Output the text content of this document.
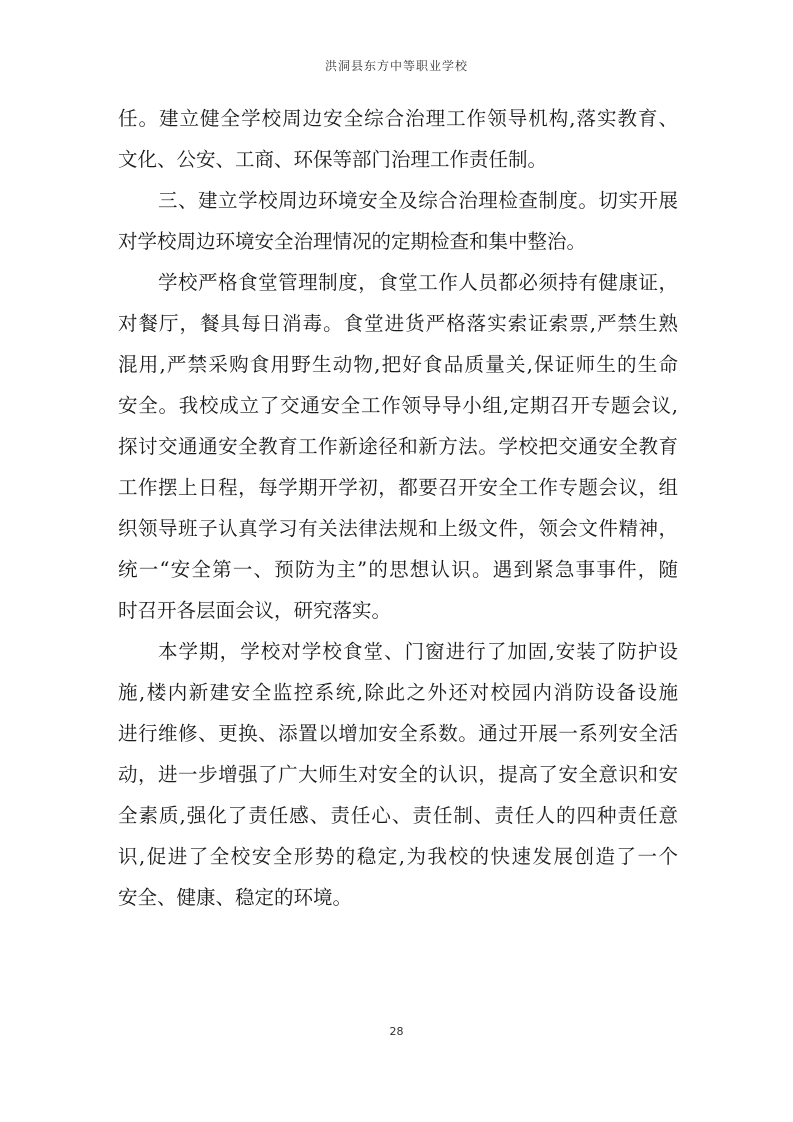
洪洞县东方中等职业学校
任。建立健全学校周边安全综合治理工作领导机构,落实教育、
文化、公安、工商、环保等部门治理工作责任制。
三、建立学校周边环境安全及综合治理检查制度。切实开展
对学校周边环境安全治理情况的定期检查和集中整治。
学校严格食堂管理制度，食堂工作人员都必须持有健康证，
对餐厅，餐具每日消毒。食堂进货严格落实索证索票,严禁生熟
混用,严禁采购食用野生动物,把好食品质量关,保证师生的生命
安全。我校成立了交通安全工作领导导小组,定期召开专题会议,
探讨交通通安全教育工作新途径和新方法。学校把交通安全教育
工作摆上日程，每学期开学初，都要召开安全工作专题会议，组
织领导班子认真学习有关法律法规和上级文件，领会文件精神，
统一“安全第一、预防为主”的思想认识。遇到紧急事事件，随
时召开各层面会议，研究落实。
本学期，学校对学校食堂、门窗进行了加固,安装了防护设
施,楼内新建安全监控系统,除此之外还对校园内消防设备设施
进行维修、更换、添置以增加安全系数。通过开展一系列安全活
动，进一步增强了广大师生对安全的认识，提高了安全意识和安
全素质,强化了责任感、责任心、责任制、责任人的四种责任意
识,促进了全校安全形势的稳定,为我校的快速发展创造了一个
安全、健康、稳定的环境。
28
